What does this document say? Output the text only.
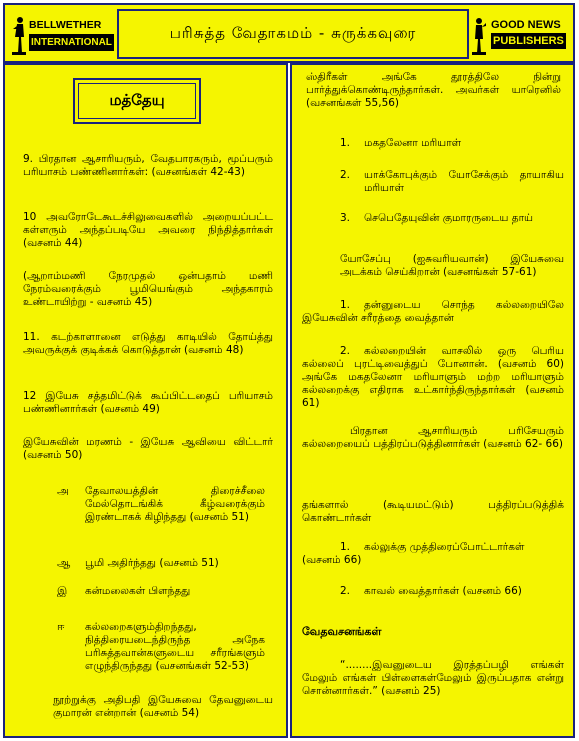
BELLWETHER
INTERNATIONAL
பரிசுத்த வேதாகமம் - சுருக்கவுரை	GOOD NEWS
PUBLISHERS
மத்தேயு

9. பிரதான ஆசாரியரும், வேதபாரகரும், மூப்பரும் பரியாசம் பண்ணினார்கள்: (வசனங்கள் 42-43)

10 அவரோடேகூடச்சிலுவைகளில் அறையப்பட்ட கள்ளரும் அந்தப்படியே அவரை நிந்தித்தார்கள் (வசனம் 44)

(ஆறாம்மணி நேரமுதல் ஒன்பதாம் மணி நேரம்வரைக்கும் பூமியெங்கும் அந்தகாரம் உண்டாயிற்று - வசனம் 45)

11. கடற்காளானை எடுத்து காடியில் தோய்த்து அவருக்குக் குடிக்கக் கொடுத்தான் (வசனம் 48)

12 இயேசு சத்தமிட்டுக் கூப்பிட்டதைப் பரியாசம் பண்ணினார்கள் (வசனம் 49)

இயேசுவின் மரணம் - இயேசு ஆவியை விட்டார் (வசனம் 50)

அ தேவாலயத்தின் திரைச்சீலை மேல்தொடங்கிக் கீழ்வரைக்கும் இரண்டாகக் கிழிந்தது (வசனம் 51)

ஆ பூமி அதிர்ந்தது (வசனம் 51)

இ கன்மலைகள் பிளந்தது

ஈ கல்லறைகளும்திறந்தது, நித்திரையடைந்திருந்த அநேக பரிசுத்தவான்களுடைய சரீரங்களும் எழுந்திருந்தது (வசனங்கள் 52-53)

நூற்றுக்கு அதிபதி இயேசுவை தேவனுடைய குமாரன் என்றான் (வசனம் 54)

ஸ்திரீகள் அங்கே தூரத்திலே நின்று பார்த்துக்கொண்டிருந்தார்கள். அவர்கள் யாரெனில் (வசனங்கள் 55,56)

1. மகதலேனா மரியாள்

2. யாக்கோபுக்கும் யோசேக்கும் தாயாகிய மரியாள்

3. செபெதேயுவின் குமாரருடைய தாய்

யோசேப்பு (ஐசுவரியவான்) இயேசுவை அடக்கம் செய்கிறான் (வசனங்கள் 57-61)

1.	தன்னுடைய சொந்த கல்லறையிலே இயேசுவின் சரீரத்தை வைத்தான்

2.	கல்லறையின் வாசலில் ஒரு பெரிய கல்லைப் புரட்டிவைத்துப் போனான். (வசனம் 60) அங்கே மகதலேனா மரியாளும் மற்ற மரியாளும் கல்லறைக்கு எதிராக உட்கார்ந்திருந்தார்கள் (வசனம் 61)

பிரதான ஆசாரியரும் பரிசேயரும் கல்லறையைப் பத்திரப்படுத்தினார்கள் (வசனம் 62- 66)

தங்களால் (கூடியமட்டும்) பத்திரப்படுத்திக் கொண்டார்கள்

1.	கல்லுக்கு முத்திரைப்போட்டார்கள் (வசனம் 66)

2.	காவல் வைத்தார்கள் (வசனம் 66)

வேதவசனங்கள்

“........இவனுடைய இரத்தப்பழி எங்கள் மேலும் எங்கள் பிள்ளைகள்மேலும் இருப்பதாக என்று சொன்னார்கள்.” (வசனம் 25)
